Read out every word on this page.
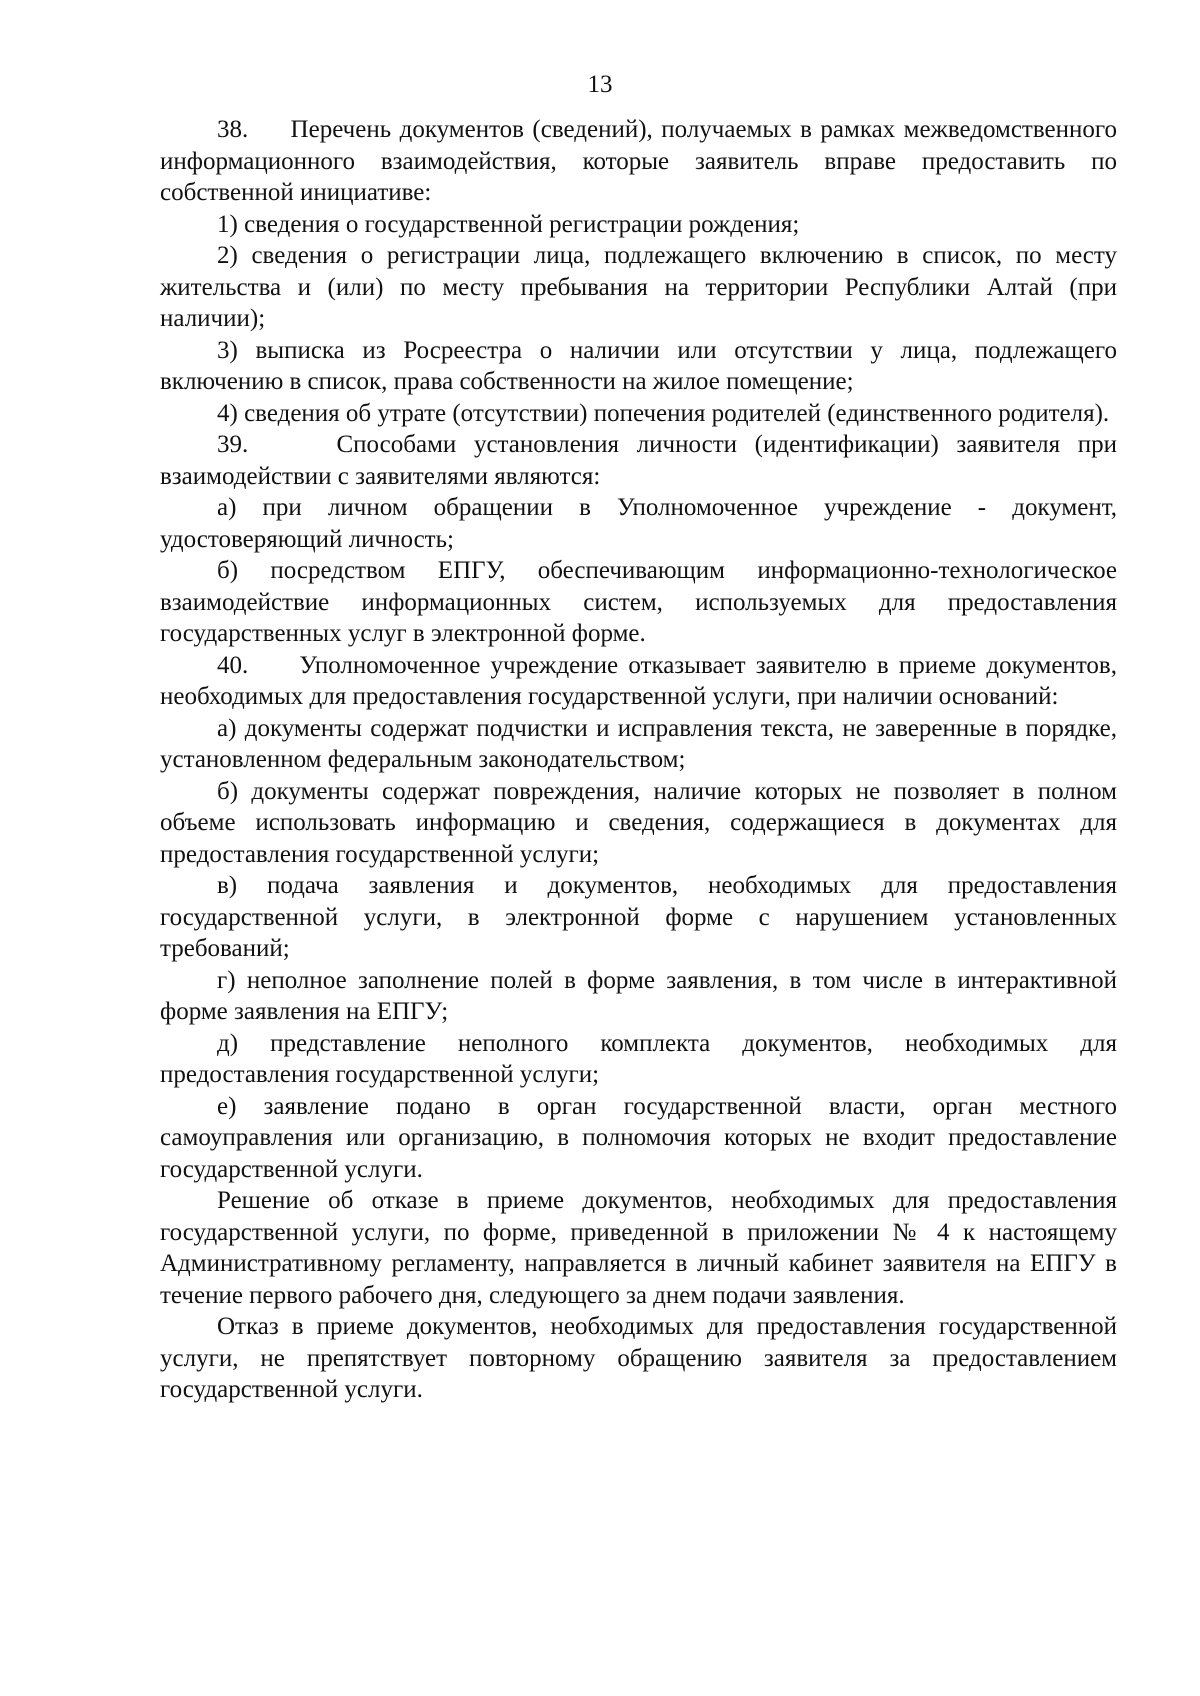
13

38.     Перечень документов (сведений), получаемых в рамках межведомственного информационного взаимодействия, которые заявитель вправе предоставить по собственной инициативе:

1) сведения о государственной регистрации рождения;

2) сведения о регистрации лица, подлежащего включению в список, по месту жительства и (или) по месту пребывания на территории Республики Алтай (при наличии);

3) выписка из Росреестра о наличии или отсутствии у лица, подлежащего включению в список, права собственности на жилое помещение;

4) сведения об утрате (отсутствии) попечения родителей (единственного родителя).

39.     Способами установления личности (идентификации) заявителя при взаимодействии с заявителями являются:

а) при личном обращении в Уполномоченное учреждение - документ, удостоверяющий личность;

б) посредством ЕПГУ, обеспечивающим информационно-технологическое взаимодействие информационных систем, используемых для предоставления государственных услуг в электронной форме.

40.     Уполномоченное учреждение отказывает заявителю в приеме документов, необходимых для предоставления государственной услуги, при наличии оснований:

а) документы содержат подчистки и исправления текста, не заверенные в порядке, установленном федеральным законодательством;

б) документы содержат повреждения, наличие которых не позволяет в полном объеме использовать информацию и сведения, содержащиеся в документах для предоставления государственной услуги;

в) подача заявления и документов, необходимых для предоставления государственной услуги, в электронной форме с нарушением установленных требований;

г) неполное заполнение полей в форме заявления, в том числе в интерактивной форме заявления на ЕПГУ;

д) представление неполного комплекта документов, необходимых для предоставления государственной услуги;

е) заявление подано в орган государственной власти, орган местного самоуправления или организацию, в полномочия которых не входит предоставление государственной услуги.

Решение об отказе в приеме документов, необходимых для предоставления государственной услуги, по форме, приведенной в приложении № 4 к настоящему Административному регламенту, направляется в личный кабинет заявителя на ЕПГУ в течение первого рабочего дня, следующего за днем подачи заявления.

Отказ в приеме документов, необходимых для предоставления государственной услуги, не препятствует повторному обращению заявителя за предоставлением государственной услуги.
